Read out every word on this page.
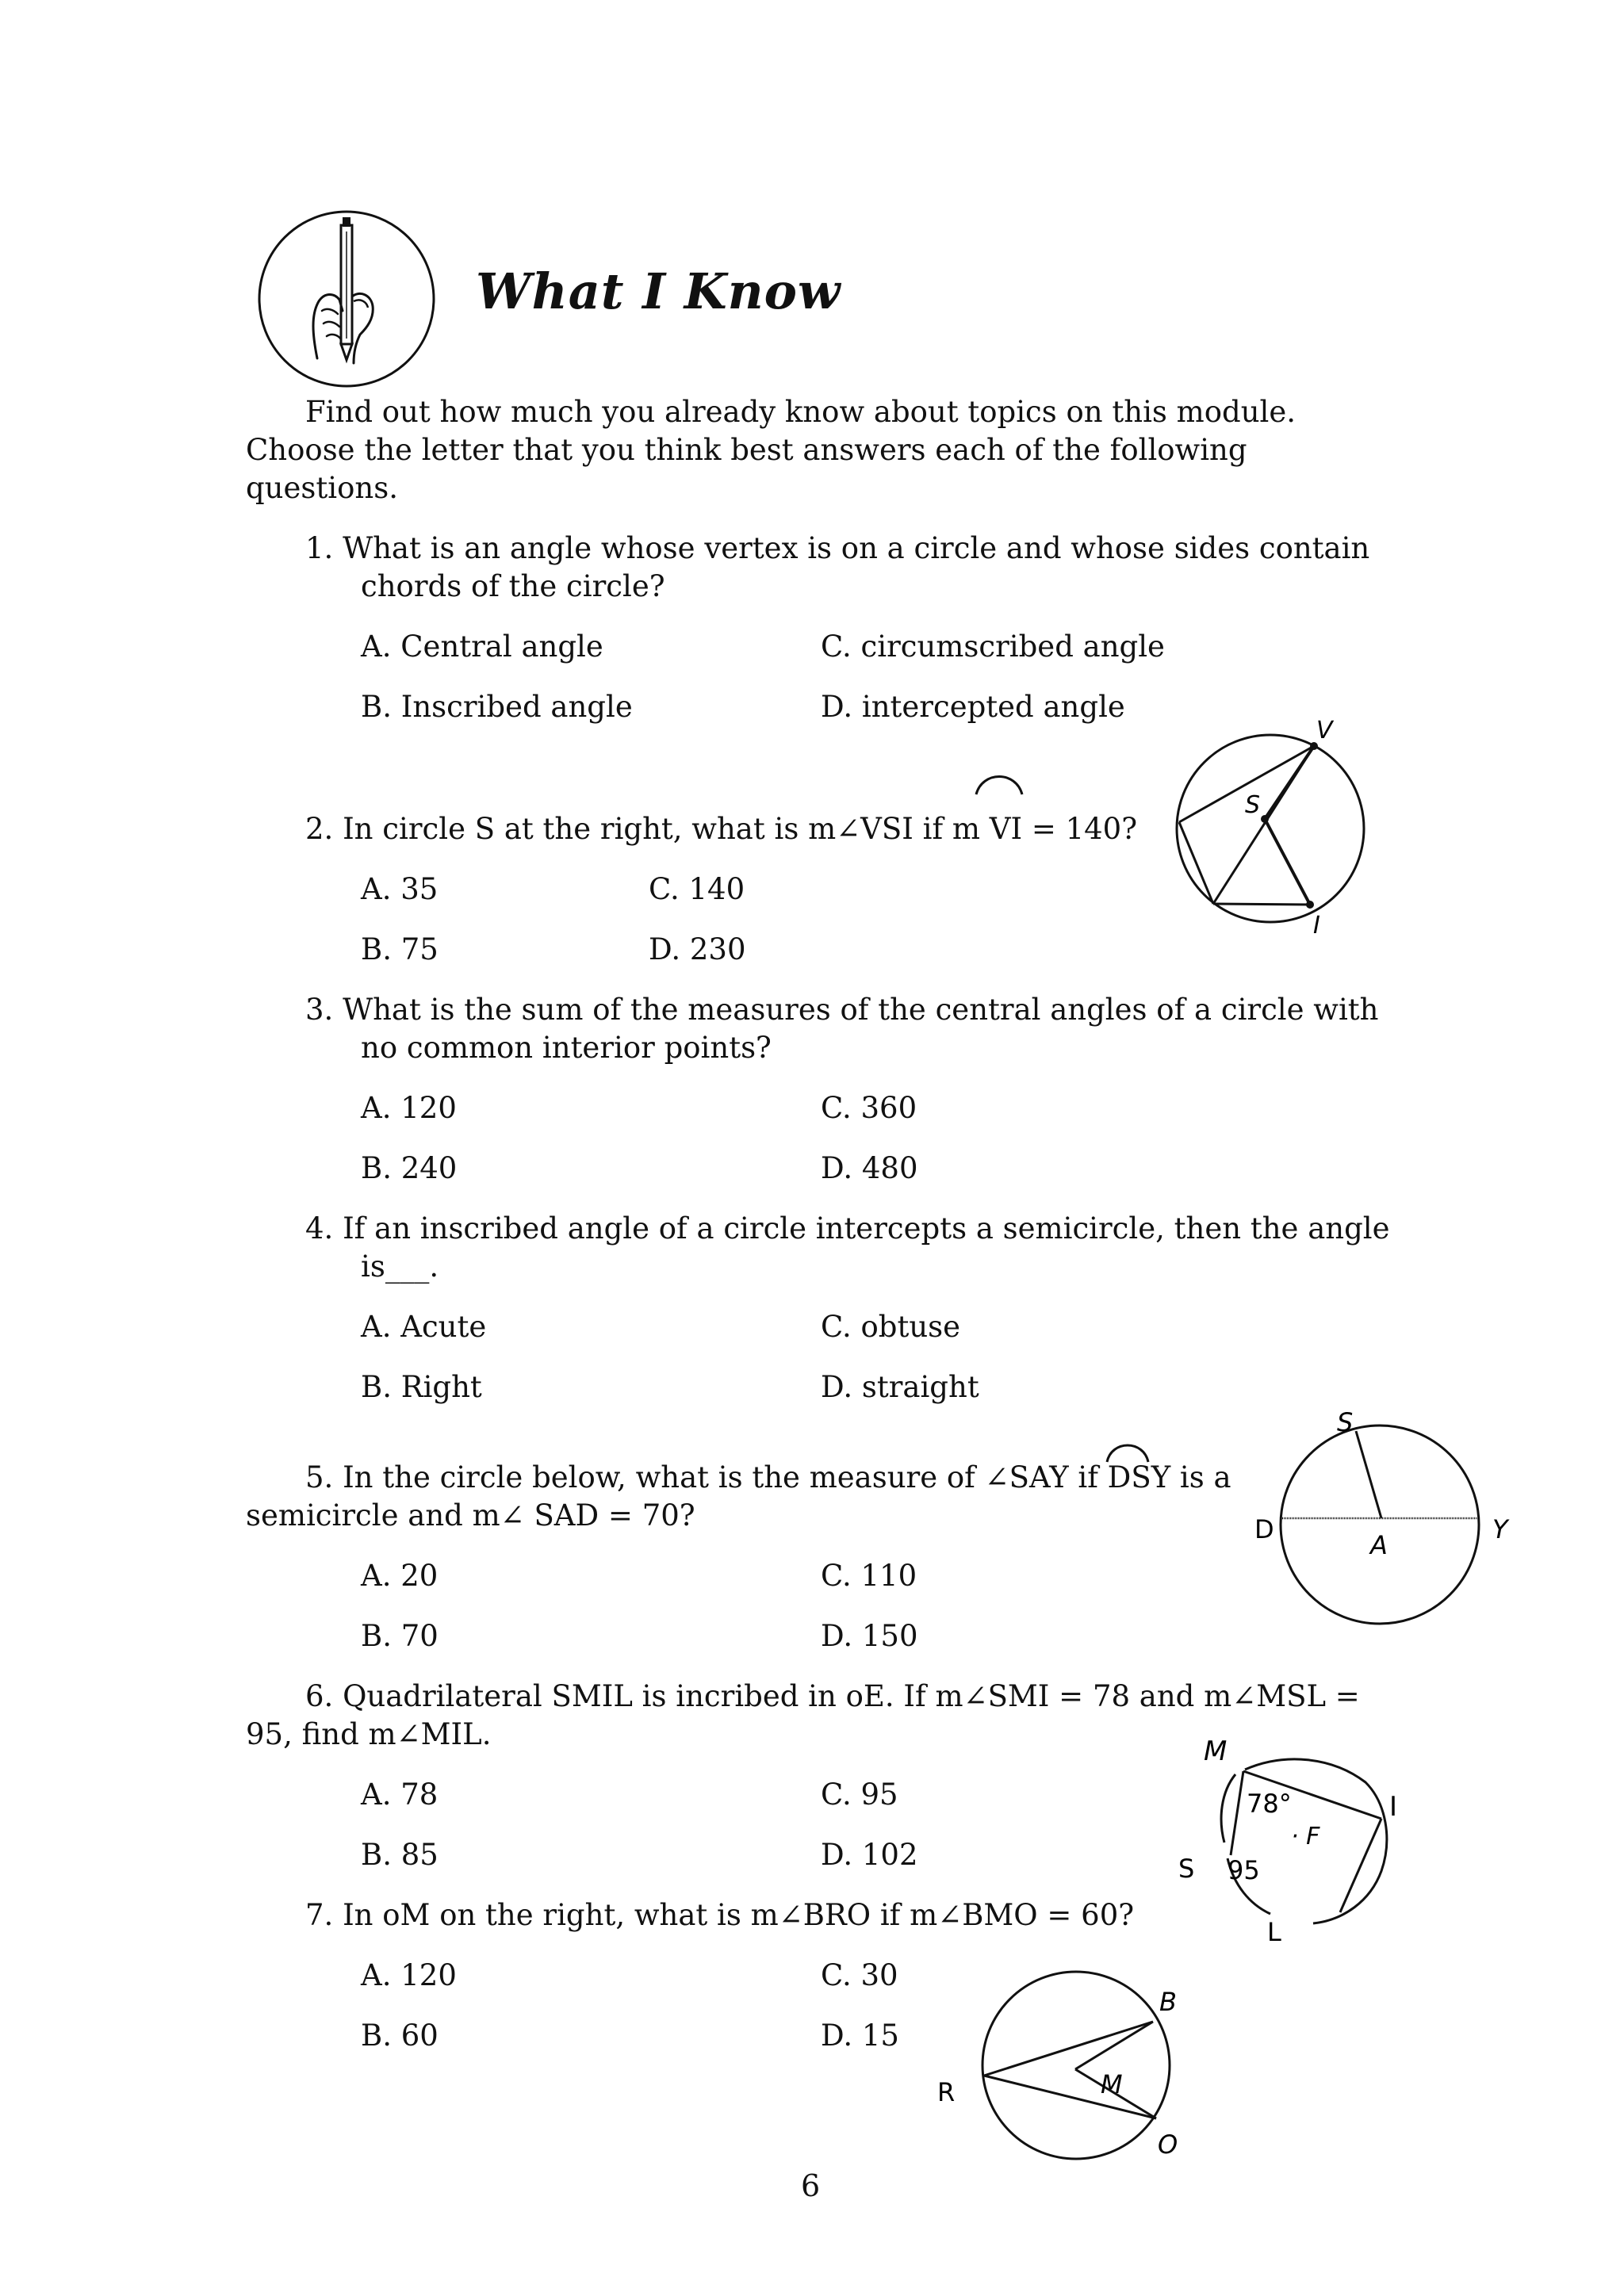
What I Know
Find out how much you already know about topics on this module.
Choose the letter that you think best answers each of the following
questions.
1. What is an angle whose vertex is on a circle and whose sides contain
chords of the circle?
A. Central angle	C. circumscribed angle
B. Inscribed angle	D. intercepted angle
2. In circle S at the right, what is m∠VSI if m VI = 140?
A. 35	C. 140
B. 75	D. 230
V
S
I
3. What is the sum of the measures of the central angles of a circle with
no common interior points?
A. 120	C. 360
B. 240	D. 480
4. If an inscribed angle of a circle intercepts a semicircle, then the angle
is___.
A. Acute	C. obtuse
B. Right	D. straight
5. In the circle below, what is the measure of ∠SAY if DSY is a
semicircle and m∠ SAD = 70?
A. 20	C. 110
B. 70	D. 150
S
D
A
Y
6. Quadrilateral SMIL is incribed in oE. If m∠SMI = 78 and m∠MSL =
95, find m∠MIL.
A. 78	C. 95
B. 85	D. 102
M
I
78°
· F
S 95
L
7. In oM on the right, what is m∠BRO if m∠BMO = 60?
A. 120	C. 30
B. 60	D. 15
B
R	M
O
6
